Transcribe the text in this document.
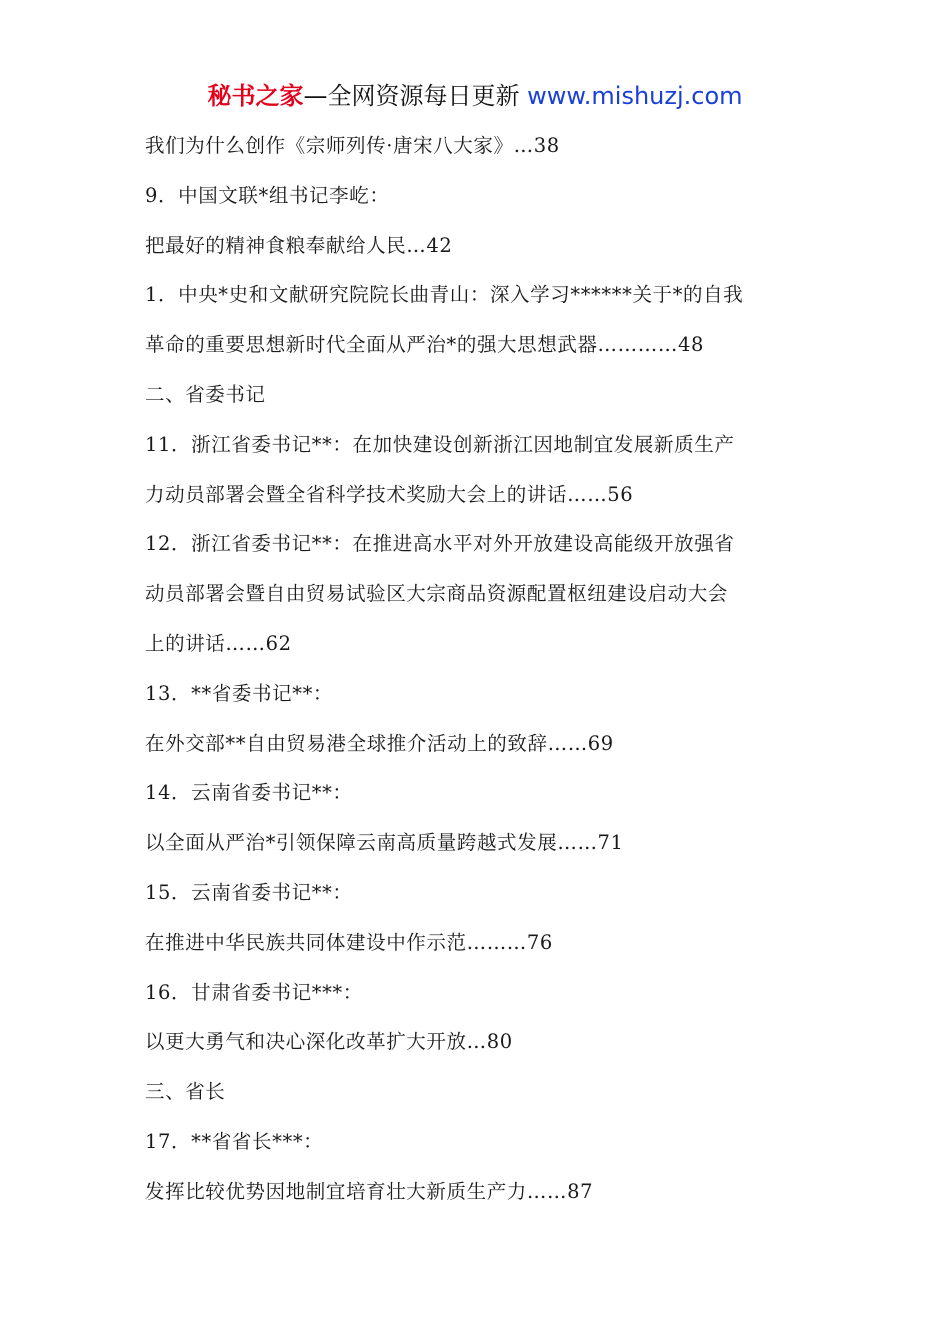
秘书之家—全网资源每日更新 www.mishuzj.com
我们为什么创作《宗师列传·唐宋八大家》…38
9．中国文联*组书记李屹：
把最好的精神食粮奉献给人民…42
1．中央*史和文献研究院院长曲青山：深入学习******关于*的自我
革命的重要思想新时代全面从严治*的强大思想武器…………48
二、省委书记
11．浙江省委书记**：在加快建设创新浙江因地制宜发展新质生产
力动员部署会暨全省科学技术奖励大会上的讲话……56
12．浙江省委书记**：在推进高水平对外开放建设高能级开放强省
动员部署会暨自由贸易试验区大宗商品资源配置枢纽建设启动大会
上的讲话……62
13．**省委书记**：
在外交部**自由贸易港全球推介活动上的致辞……69
14．云南省委书记**：
以全面从严治*引领保障云南高质量跨越式发展……71
15．云南省委书记**：
在推进中华民族共同体建设中作示范………76
16．甘肃省委书记***：
以更大勇气和决心深化改革扩大开放…80
三、省长
17．**省省长***：
发挥比较优势因地制宜培育壮大新质生产力……87
